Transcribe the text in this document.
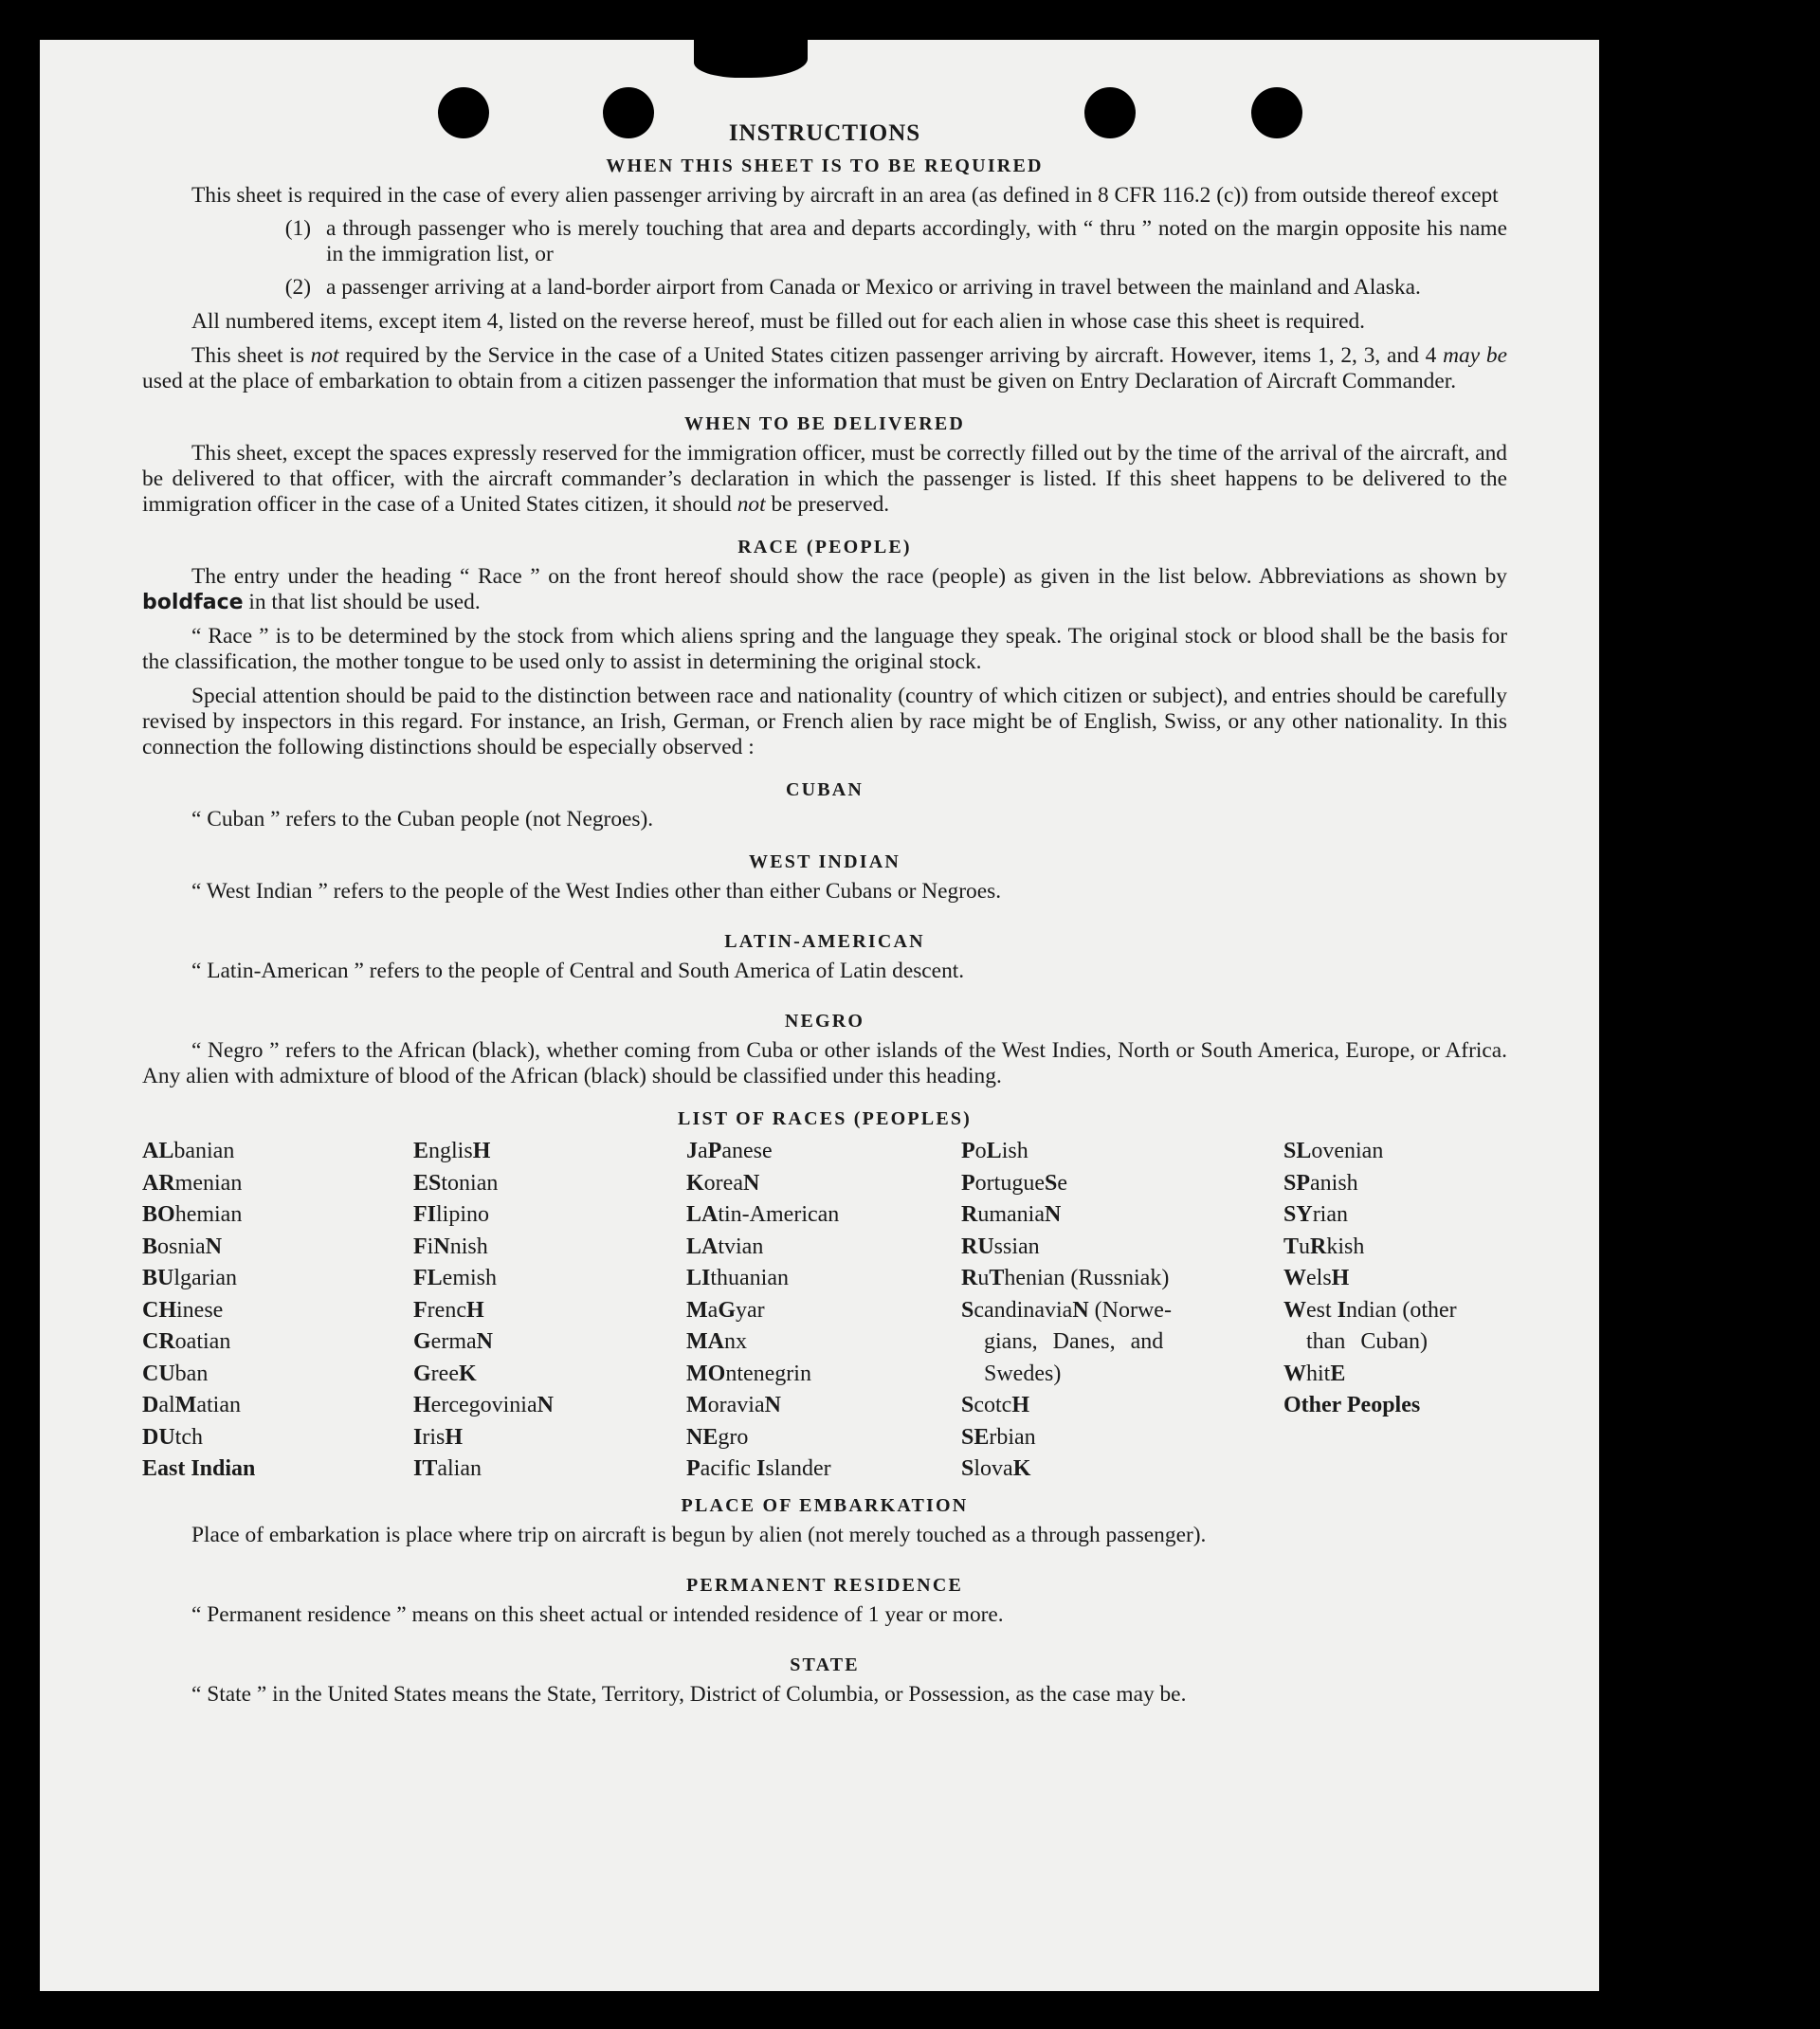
INSTRUCTIONS
WHEN THIS SHEET IS TO BE REQUIRED

This sheet is required in the case of every alien passenger arriving by aircraft in an area (as defined in 8 CFR 116.2 (c)) from outside thereof except

(1) a through passenger who is merely touching that area and departs accordingly, with “ thru ” noted on the margin opposite his name in the immigration list, or
(2) a passenger arriving at a land-border airport from Canada or Mexico or arriving in travel between the mainland and Alaska.

All numbered items, except item 4, listed on the reverse hereof, must be filled out for each alien in whose case this sheet is required.

This sheet is not required by the Service in the case of a United States citizen passenger arriving by aircraft. However, items 1, 2, 3, and 4 may be used at the place of embarkation to obtain from a citizen passenger the information that must be given on Entry Declaration of Aircraft Commander.

WHEN TO BE DELIVERED

This sheet, except the spaces expressly reserved for the immigration officer, must be correctly filled out by the time of the arrival of the aircraft, and be delivered to that officer, with the aircraft commander’s declaration in which the passenger is listed. If this sheet happens to be delivered to the immigration officer in the case of a United States citizen, it should not be preserved.

RACE (PEOPLE)

The entry under the heading “ Race ” on the front hereof should show the race (people) as given in the list below. Abbreviations as shown by boldface in that list should be used.

“ Race ” is to be determined by the stock from which aliens spring and the language they speak. The original stock or blood shall be the basis for the classification, the mother tongue to be used only to assist in determining the original stock.

Special attention should be paid to the distinction between race and nationality (country of which citizen or subject), and entries should be carefully revised by inspectors in this regard. For instance, an Irish, German, or French alien by race might be of English, Swiss, or any other nationality. In this connection the following distinctions should be especially observed :

CUBAN

“ Cuban ” refers to the Cuban people (not Negroes).

WEST INDIAN

“ West Indian ” refers to the people of the West Indies other than either Cubans or Negroes.

LATIN-AMERICAN

“ Latin-American ” refers to the people of Central and South America of Latin descent.

NEGRO

“ Negro ” refers to the African (black), whether coming from Cuba or other islands of the West Indies, North or South America, Europe, or Africa. Any alien with admixture of blood of the African (black) should be classified under this heading.

LIST OF RACES (PEOPLES)
ALbanian
ARmenian
BOhemian
BosniaN
BUlgarian
CHinese
CRoatian
CUban
DalMatian
DUtch
East Indian
EnglisH
EStonian
FIlipino
FiNnish
FLemish
FrencH
GermaN
GreeK
HercegoviniaN
IrisH
ITalian
JaPanese
KoreaN
LAtin-American
LAtvian
LIthuanian
MaGyar
MAnx
MOntenegrin
MoraviaN
NEgro
Pacific Islander
PoLish
PortugueSe
RumaniaN
RUssian
RuThenian (Russniak)
ScandinaviaN (Norwe-
gians, Danes, and
Swedes)
ScotcH
SErbian
SlovaK
SLovenian
SPanish
SYrian
TuRkish
WelsH
West Indian (other
than Cuban)
WhitE
Other Peoples
PLACE OF EMBARKATION

Place of embarkation is place where trip on aircraft is begun by alien (not merely touched as a through passenger).

PERMANENT RESIDENCE

“ Permanent residence ” means on this sheet actual or intended residence of 1 year or more.

STATE

“ State ” in the United States means the State, Territory, District of Columbia, or Possession, as the case may be.
